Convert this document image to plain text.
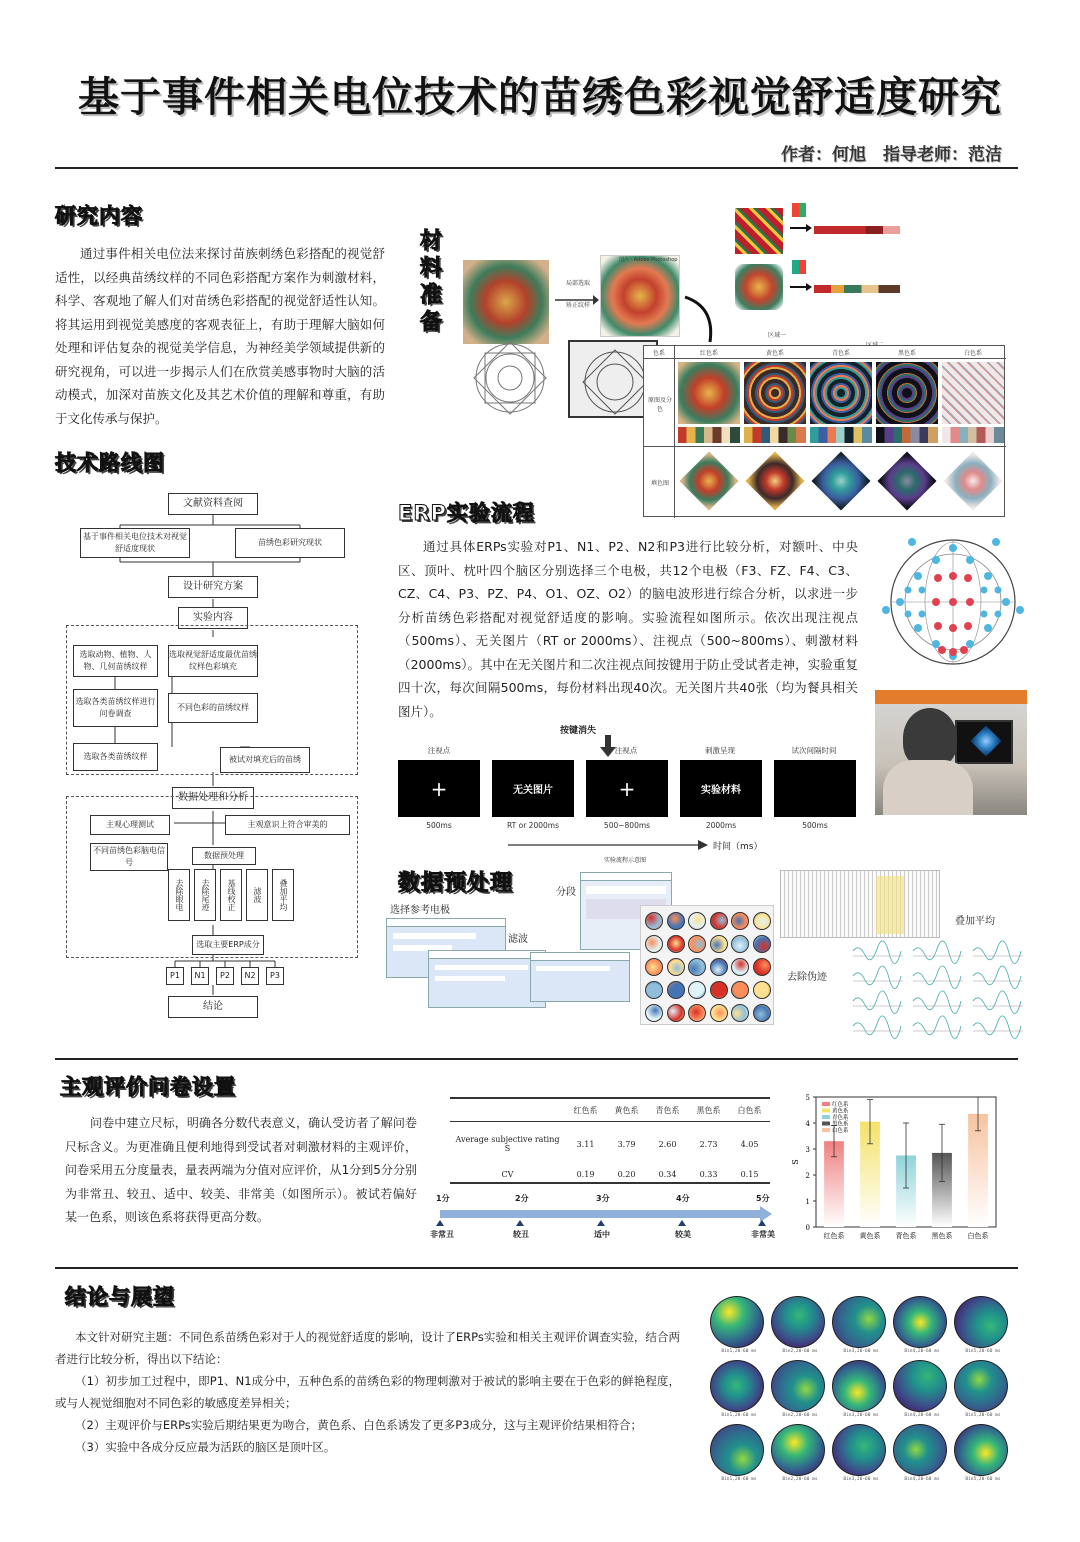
基于事件相关电位技术的苗绣色彩视觉舒适度研究
作者：何旭　指导老师：范洁
研究内容
通过事件相关电位法来探讨苗族刺绣色彩搭配的视觉舒适性，以经典苗绣纹样的不同色彩搭配方案作为刺激材料，科学、客观地了解人们对苗绣色彩搭配的视觉舒适性认知。将其运用到视觉美感度的客观表征上，有助于理解大脑如何处理和评估复杂的视觉美学信息，为神经美学领域提供新的研究视角，可以进一步揭示人们在欣赏美感事物时大脑的活动模式，加深对苗族文化及其艺术价值的理解和尊重，有助于文化传承与保护。
材料准备
局部选取
矫正纹样
图片 · Adobe Photoshop
区域一
色系	红色系	黄色系	青色系	黑色系	白色系
原图及分色
填色图
技术路线图
文献资料查阅
基于事件相关电位技术对视觉舒适度现状
苗绣色彩研究现状
设计研究方案
实验内容
选取动物、植物、人物、几何苗绣纹样
选取视觉舒适度最优苗绣纹样色彩填充
选取各类苗绣纹样进行问卷调查
不同色彩的苗绣纹样
选取各类苗绣纹样	被试对填充后的苗绣
数据处理和分析
主观心理测试	主观意识上符合审美的
不同苗绣色彩脑电信号
数据预处理
去除眼电	去除尾迹	基线校正	滤波	叠加平均
选取主要ERP成分
P1	N1	P2	N2	P3
结论
ERP实验流程
通过具体ERPs实验对P1、N1、P2、N2和P3进行比较分析，对额叶、中央区、顶叶、枕叶四个脑区分别选择三个电极，共12个电极（F3、FZ、F4、C3、CZ、C4、P3、PZ、P4、O1、OZ、O2）的脑电波形进行综合分析，以求进一步分析苗绣色彩搭配对视觉舒适度的影响。实验流程如图所示。依次出现注视点（500ms）、无关图片（RT or 2000ms）、注视点（500~800ms）、刺激材料（2000ms）。其中在无关图片和二次注视点间按键用于防止受试者走神，实验重复四十次，每次间隔500ms，每份材料出现40次。无关图片共40张（均为餐具相关图片）。
按键消失
注视点	注视点	刺激呈现	试次间隔时间
+	无关图片	+	实验材料
500ms	RT or 2000ms	500~800ms	2000ms	500ms
时间（ms）
数据预处理
选择参考电极
滤波
分段
实验流程示意图
去除伪迹
叠加平均
主观评价问卷设置
问卷中建立尺标，明确各分数代表意义，确认受访者了解问卷尺标含义。为更准确且便利地得到受试者对刺激材料的主观评价，问卷采用五分度量表，量表两端为分值对应评价，从1分到5分分别为非常丑、较丑、适中、较美、非常美（如图所示）。被试若偏好某一色系，则该色系将获得更高分数。
	红色系	黄色系	青色系	黑色系	白色系
Average subjective rating S	3.11	3.79	2.60	2.73	4.05
CV	0.19	0.20	0.34	0.33	0.15
1分	2分	3分	4分	5分
非常丑	较丑	适中	较美	非常美
0
1
2
3
4
5
S
红色系 黄色系 青色系 黑色系 白色系
红色系
黄色系
青色系
黑色系
白色系
结论与展望
本文针对研究主题：不同色系苗绣色彩对于人的视觉舒适度的影响，设计了ERPs实验和相关主观评价调查实验，结合两者进行比较分析，得出以下结论：
（1）初步加工过程中，即P1、N1成分中，五种色系的苗绣色彩的物理刺激对于被试的影响主要在于色彩的鲜艳程度，或与人视觉细胞对不同色彩的敏感度差异相关；
（2）主观评价与ERPs实验后期结果更为吻合，黄色系、白色系诱发了更多P3成分，这与主观评价结果相符合；
（3）实验中各成分反应最为活跃的脑区是顶叶区。
Bin1,20-60 ms	Bin2,20-60 ms	Bin3,20-60 ms	Bin4,20-60 ms	Bin5,20-60 ms
Bin1,20-60 ms	Bin2,20-60 ms	Bin3,20-60 ms	Bin4,20-60 ms	Bin5,20-60 ms
Bin1,20-60 ms	Bin2,20-60 ms	Bin3,20-60 ms	Bin4,20-60 ms	Bin5,20-60 ms
